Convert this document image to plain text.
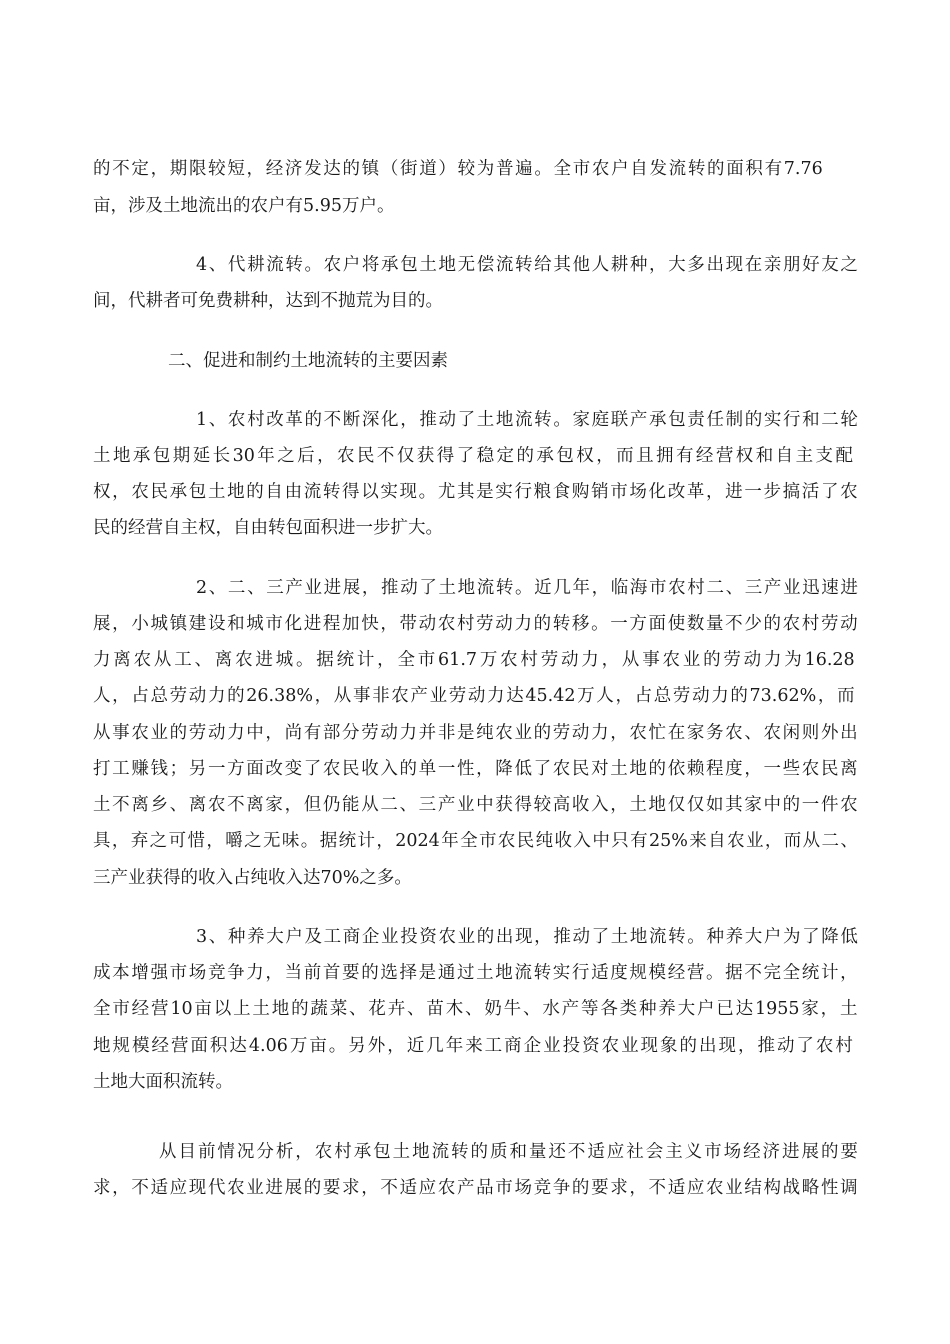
的 不 定 ， 期 限 较 短 ， 经 济 发 达 的 镇 （ 街 道 ） 较 为 普 遍 。 全 市 农 户 自 发 流 转 的 面 积 有 7.76

亩，涉及土地流出的农户有5.95万户。

4 、 代 耕 流 转 。 农 户 将 承 包 土 地 无 偿 流 转 给 其 他 人 耕 种 ， 大 多 出 现 在 亲 朋 好 友 之

间，代耕者可免费耕种，达到不抛荒为目的。

二、促进和制约土地流转的主要因素

1 、 农 村 改 革 的 不 断 深 化 ， 推 动 了 土 地 流 转 。 家 庭 联 产 承 包 责 任 制 的 实 行 和 二 轮

土 地 承 包 期 延 长 30 年 之 后 ， 农 民 不 仅 获 得 了 稳 定 的 承 包 权 ， 而 且 拥 有 经 营 权 和 自 主 支 配

权 ， 农 民 承 包 土 地 的 自 由 流 转 得 以 实 现 。 尤 其 是 实 行 粮 食 购 销 市 场 化 改 革 ， 进 一 步 搞 活 了 农

民的经营自主权，自由转包面积进一步扩大。

2 、 二 、 三 产 业 进 展 ， 推 动 了 土 地 流 转 。 近 几 年 ， 临 海 市 农 村 二 、 三 产 业 迅 速 进

展 ， 小 城 镇 建 设 和 城 市 化 进 程 加 快 ， 带 动 农 村 劳 动 力 的 转 移 。 一 方 面 使 数 量 不 少 的 农 村 劳 动

力 离 农 从 工 、 离 农 进 城 。 据 统 计 ， 全 市 61.7 万 农 村 劳 动 力 ， 从 事 农 业 的 劳 动 力 为 16.28

人 ， 占 总 劳 动 力 的 26.38% ， 从 事 非 农 产 业 劳 动 力 达 45.42 万 人 ， 占 总 劳 动 力 的 73.62% ， 而

从 事 农 业 的 劳 动 力 中 ， 尚 有 部 分 劳 动 力 并 非 是 纯 农 业 的 劳 动 力 ， 农 忙 在 家 务 农 、 农 闲 则 外 出

打 工 赚 钱 ； 另 一 方 面 改 变 了 农 民 收 入 的 单 一 性 ， 降 低 了 农 民 对 土 地 的 依 赖 程 度 ， 一 些 农 民 离

土 不 离 乡 、 离 农 不 离 家 ， 但 仍 能 从 二 、 三 产 业 中 获 得 较 高 收 入 ， 土 地 仅 仅 如 其 家 中 的 一 件 农

具 ， 弃 之 可 惜 ， 嚼 之 无 味 。 据 统 计 ， 2024 年 全 市 农 民 纯 收 入 中 只 有 25% 来 自 农 业 ， 而 从 二 、

三产业获得的收入占纯收入达70%之多。

3 、 种 养 大 户 及 工 商 企 业 投 资 农 业 的 出 现 ， 推 动 了 土 地 流 转 。 种 养 大 户 为 了 降 低

成 本 增 强 市 场 竞 争 力 ， 当 前 首 要 的 选 择 是 通 过 土 地 流 转 实 行 适 度 规 模 经 营 。 据 不 完 全 统 计 ，

全 市 经 营 10 亩 以 上 土 地 的 蔬 菜 、 花 卉 、 苗 木 、 奶 牛 、 水 产 等 各 类 种 养 大 户 已 达 1955 家 ， 土

地 规 模 经 营 面 积 达 4.06 万 亩 。 另 外 ， 近 几 年 来 工 商 企 业 投 资 农 业 现 象 的 出 现 ， 推 动 了 农 村

土地大面积流转。

从 目 前 情 况 分 析 ， 农 村 承 包 土 地 流 转 的 质 和 量 还 不 适 应 社 会 主 义 市 场 经 济 进 展 的 要

求 ， 不 适 应 现 代 农 业 进 展 的 要 求 ， 不 适 应 农 产 品 市 场 竞 争 的 要 求 ， 不 适 应 农 业 结 构 战 略 性 调
